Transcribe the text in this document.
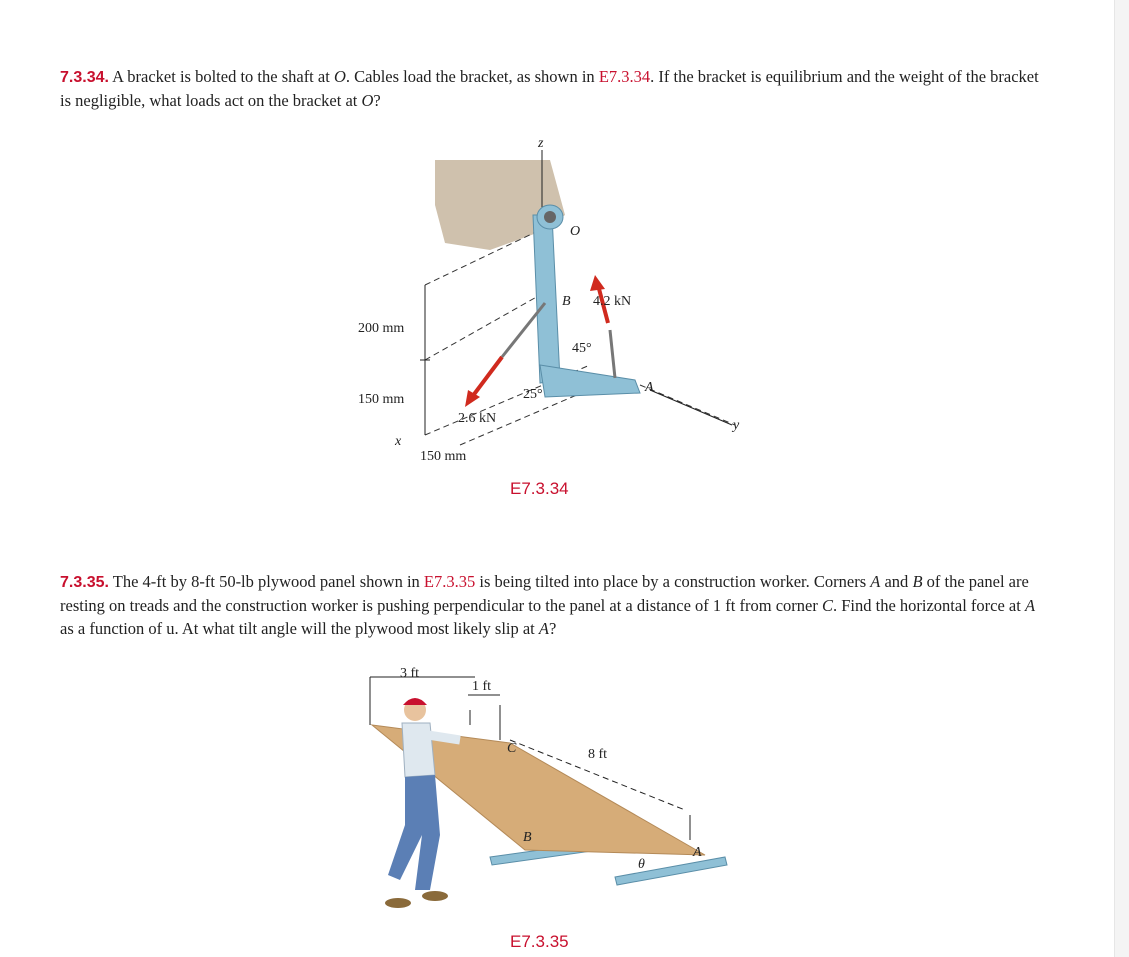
7.3.34. A bracket is bolted to the shaft at O. Cables load the bracket, as shown in E7.3.34. If the bracket is equilibrium and the weight of the bracket is negligible, what loads act on the bracket at O?
z
O
B
A
x
y
4.2 kN
2.6 kN
45°
25°
200 mm
150 mm
150 mm
E7.3.34
7.3.35. The 4-ft by 8-ft 50-lb plywood panel shown in E7.3.35 is being tilted into place by a construction worker. Corners A and B of the panel are resting on treads and the construction worker is pushing perpendicular to the panel at a distance of 1 ft from corner C. Find the horizontal force at A as a function of u. At what tilt angle will the plywood most likely slip at A?
3 ft
1 ft
8 ft
C
B
A
θ
E7.3.35
